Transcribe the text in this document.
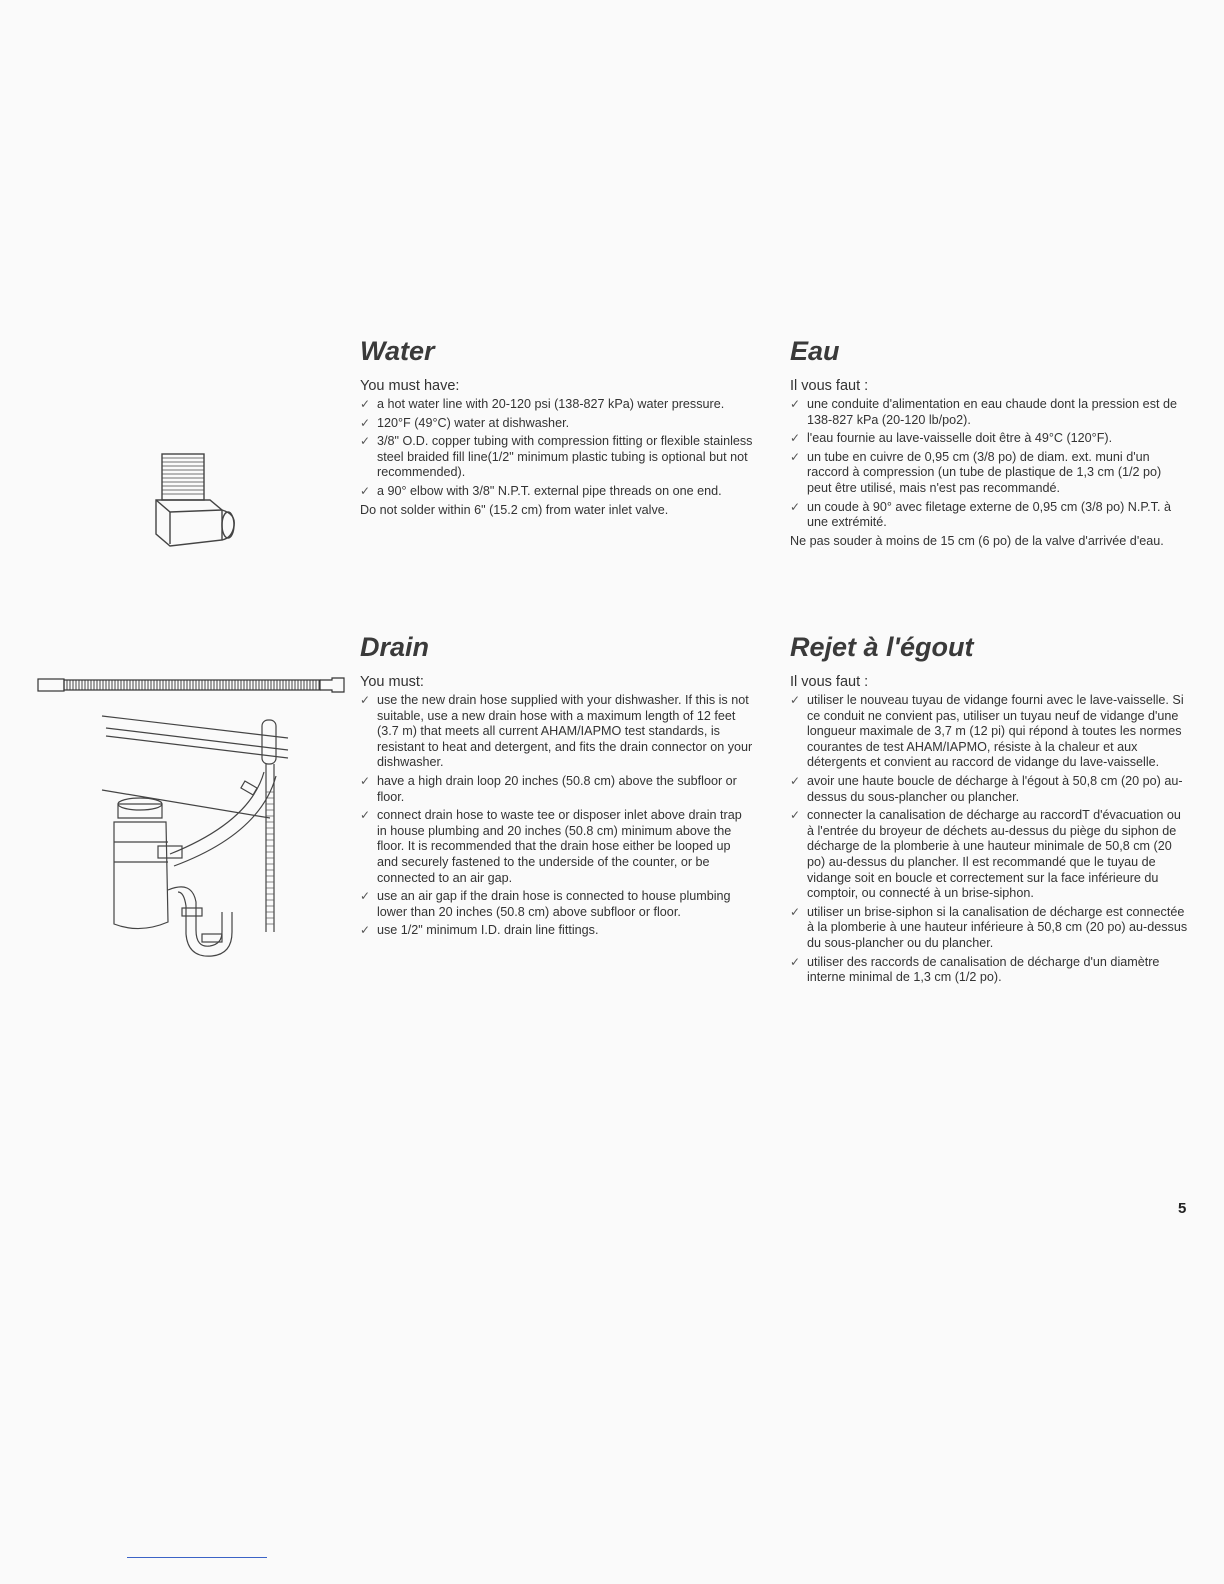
Water

You must have:

✓ a hot water line with 20-120 psi (138-827 kPa) water pressure.
✓ 120°F (49°C) water at dishwasher.
✓ 3/8" O.D. copper tubing with compression fitting or flexible stainless steel braided fill line(1/2" minimum plastic tubing is optional but not recommended).
✓ a 90° elbow with 3/8" N.P.T. external pipe threads on one end.

Do not solder within 6" (15.2 cm) from water inlet valve.

Eau

Il vous faut :

✓ une conduite d'alimentation en eau chaude dont la pression est de 138-827 kPa (20-120 lb/po2).
✓ l'eau fournie au lave-vaisselle doit être à 49°C (120°F).
✓ un tube en cuivre de 0,95 cm (3/8 po) de diam. ext. muni d'un raccord à compression (un tube de plastique de 1,3 cm (1/2 po) peut être utilisé, mais n'est pas recommandé.
✓ un coude à 90° avec filetage externe de 0,95 cm (3/8 po) N.P.T. à une extrémité.

Ne pas souder à moins de 15 cm (6 po) de la valve d'arrivée d'eau.

Drain

You must:

✓ use the new drain hose supplied with your dishwasher. If this is not suitable, use a new drain hose with a maximum length of 12 feet (3.7 m) that meets all current AHAM/IAPMO test standards, is resistant to heat and detergent, and fits the drain connector on your dishwasher.
✓ have a high drain loop 20 inches (50.8 cm) above the subfloor or floor.
✓ connect drain hose to waste tee or disposer inlet above drain trap in house plumbing and 20 inches (50.8 cm) minimum above the floor. It is recommended that the drain hose either be looped up and securely fastened to the underside of the counter, or be connected to an air gap.
✓ use an air gap if the drain hose is connected to house plumbing lower than 20 inches (50.8 cm) above subfloor or floor.
✓ use 1/2" minimum I.D. drain line fittings.
Rejet à l'égout

Il vous faut :

✓ utiliser le nouveau tuyau de vidange fourni avec le lave-vaisselle. Si ce conduit ne convient pas, utiliser un tuyau neuf de vidange d'une longueur maximale de 3,7 m (12 pi) qui répond à toutes les normes courantes de test AHAM/IAPMO, résiste à la chaleur et aux détergents et convient au raccord de vidange du lave-vaisselle.
✓ avoir une haute boucle de décharge à l'égout à 50,8 cm (20 po) au-dessus du sous-plancher ou plancher.
✓ connecter la canalisation de décharge au raccordT d'évacuation ou à l'entrée du broyeur de déchets au-dessus du piège du siphon de décharge de la plomberie à une hauteur minimale de 50,8 cm (20 po) au-dessus du plancher. Il est recommandé que le tuyau de vidange soit en boucle et correctement sur la face inférieure du comptoir, ou connecté à un brise-siphon.
✓ utiliser un brise-siphon si la canalisation de décharge est connectée à la plomberie à une hauteur inférieure à 50,8 cm (20 po) au-dessus du sous-plancher ou du plancher.
✓ utiliser des raccords de canalisation de décharge d'un diamètre interne minimal de 1,3 cm (1/2 po).
5
